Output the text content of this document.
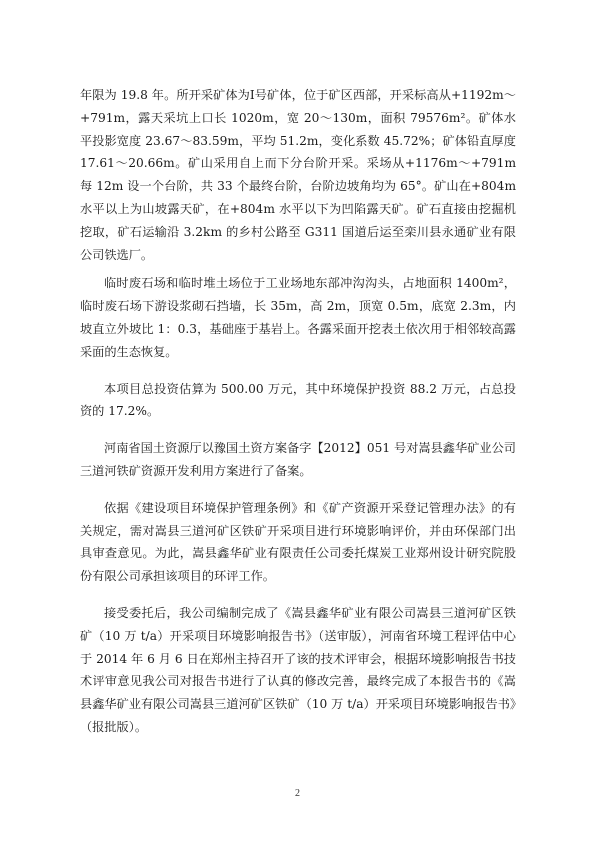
年限为 19.8 年。所开采矿体为Ⅰ号矿体，位于矿区西部，开采标高从+1192m～+791m，露天采坑上口长 1020m，宽 20～130m，面积 79576m²。矿体水平投影宽度 23.67～83.59m，平均 51.2m，变化系数 45.72%；矿体铅直厚度 17.61～20.66m。矿山采用自上而下分台阶开采。采场从+1176m～+791m 每 12m 设一个台阶，共 33 个最终台阶，台阶边坡角均为 65°。矿山在+804m 水平以上为山坡露天矿，在+804m 水平以下为凹陷露天矿。矿石直接由挖掘机挖取，矿石运输沿 3.2km 的乡村公路至 G311 国道后运至栾川县永通矿业有限公司铁选厂。

临时废石场和临时堆土场位于工业场地东部冲沟沟头，占地面积 1400m²，临时废石场下游设浆砌石挡墙，长 35m，高 2m，顶宽 0.5m，底宽 2.3m，内坡直立外坡比 1：0.3，基础座于基岩上。各露采面开挖表土依次用于相邻较高露采面的生态恢复。

本项目总投资估算为 500.00 万元，其中环境保护投资 88.2 万元，占总投资的 17.2%。

河南省国土资源厅以豫国土资方案备字【2012】051 号对嵩县鑫华矿业公司三道河铁矿资源开发利用方案进行了备案。

依据《建设项目环境保护管理条例》和《矿产资源开采登记管理办法》的有关规定，需对嵩县三道河矿区铁矿开采项目进行环境影响评价，并由环保部门出具审查意见。为此，嵩县鑫华矿业有限责任公司委托煤炭工业郑州设计研究院股份有限公司承担该项目的环评工作。

接受委托后，我公司编制完成了《嵩县鑫华矿业有限公司嵩县三道河矿区铁矿（10 万 t/a）开采项目环境影响报告书》（送审版），河南省环境工程评估中心于 2014 年 6 月 6 日在郑州主持召开了该的技术评审会，根据环境影响报告书技术评审意见我公司对报告书进行了认真的修改完善，最终完成了本报告书的《嵩县鑫华矿业有限公司嵩县三道河矿区铁矿（10 万 t/a）开采项目环境影响报告书》（报批版）。

2
